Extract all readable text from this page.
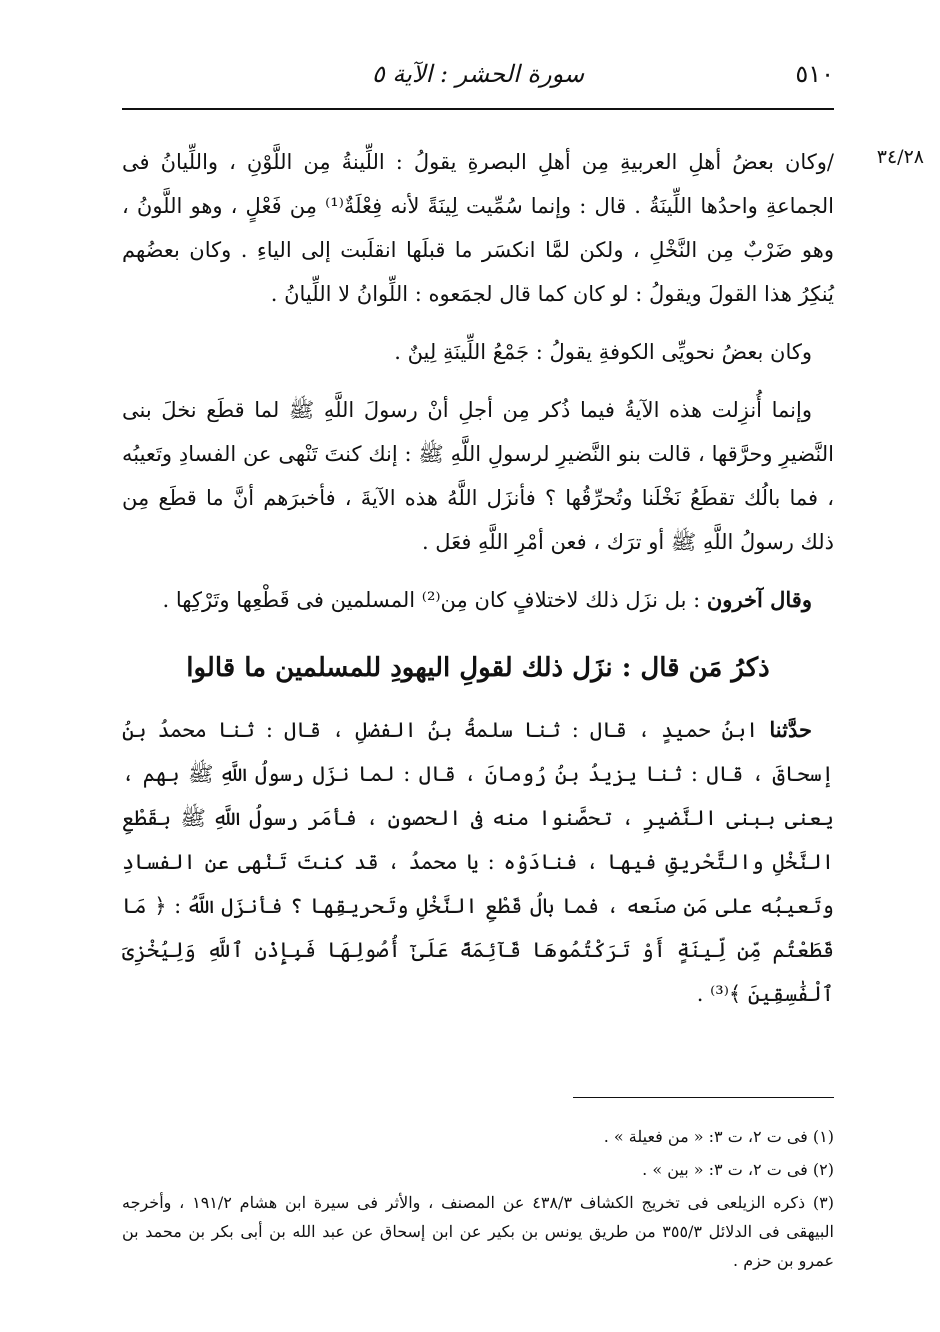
٥١٠
سورة الحشر : الآية ٥
٣٤/٢٨

/وكان بعضُ أهلِ العربيةِ مِن أهلِ البصرةِ يقولُ : اللِّينةُ مِن اللَّوْنِ ، واللِّيانُ فى الجماعةِ واحدُها اللِّينَةُ . قال : وإنما سُمِّيت لِينَةً لأنه فِعْلَةٌ⁽¹⁾ مِن فَعْلٍ ، وهو اللَّونُ ، وهو ضَرْبٌ مِن النَّخْلِ ، ولكن لمَّا انكسَر ما قبلَها انقلَبت إلى الياءِ . وكان بعضُهم يُنكِرُ هذا القولَ ويقولُ : لو كان كما قال لجمَعوه : اللِّوانُ لا اللِّيانُ .

وكان بعضُ نحويِّى الكوفةِ يقولُ : جَمْعُ اللِّينَةِ لِينٌ .

وإنما أُنزِلت هذه الآيةُ فيما ذُكر مِن أجلِ أنْ رسولَ اللَّهِ ﷺ لما قطَع نخلَ بنى النَّضيرِ وحرَّقها ، قالت بنو النَّضيرِ لرسولِ اللَّهِ ﷺ : إنك كنتَ تَنْهى عن الفسادِ وتَعيبُه ، فما بالُك تقطَعُ نَخْلَنا وتُحرِّقُها ؟ فأنزَل اللَّهُ هذه الآيةَ ، فأخبرَهم أنَّ ما قطَع مِن ذلك رسولُ اللَّهِ ﷺ أو ترَك ، فعن أمْرِ اللَّهِ فعَل .

وقال آخرون : بل نزَل ذلك لاختلافٍ كان مِن⁽²⁾ المسلمين فى قَطْعِها وتَرْكِها .

ذكرُ مَن قال : نزَل ذلك لقولِ اليهودِ للمسلمين ما قالوا

حدَّثنا ابنُ حميدٍ ، قال : ثنا سلمةُ بنُ الفضلِ ، قال : ثنا محمدُ بنُ إسحاقَ ، قال : ثنا يزيدُ بنُ رُومانَ ، قال : لما نزَل رسولُ اللَّهِ ﷺ بهم ، يعنى ببنى النَّضيرِ ، تحصَّنوا منه فى الحصونِ ، فأمَر رسولُ اللَّهِ ﷺ بقَطْعِ النَّخْلِ والتَّحْريقِ فيها ، فنادَوْه : يا محمدُ ، قد كنتَ تَنْهى عن الفسادِ وتَعيبُه على مَن صنَعه ، فما بالُ قَطْعِ النَّخْلِ وتَحريقِها ؟ فأنزَل اللَّهُ : ﴿ مَا قَطَعْتُم مِّن لِّينَةٍ أَوْ تَرَكْتُمُوهَا قَآئِمَةً عَلَىٰٓ أُصُولِهَا فَبِإِذْنِ ٱللَّهِ وَلِيُخْزِىَ ٱلْفَٰسِقِينَ ﴾⁽³⁾ .

(١) فى ت ٢، ت ٣: « من فعيلة » .
(٢) فى ت ٢، ت ٣: « بين » .
(٣) ذكره الزيلعى فى تخريج الكشاف ٤٣٨/٣ عن المصنف ، والأثر فى سيرة ابن هشام ١٩١/٢ ، وأخرجه البيهقى فى الدلائل ٣٥٥/٣ من طريق يونس بن بكير عن ابن إسحاق عن عبد الله بن أبى بكر بن محمد بن عمرو بن حزم .
